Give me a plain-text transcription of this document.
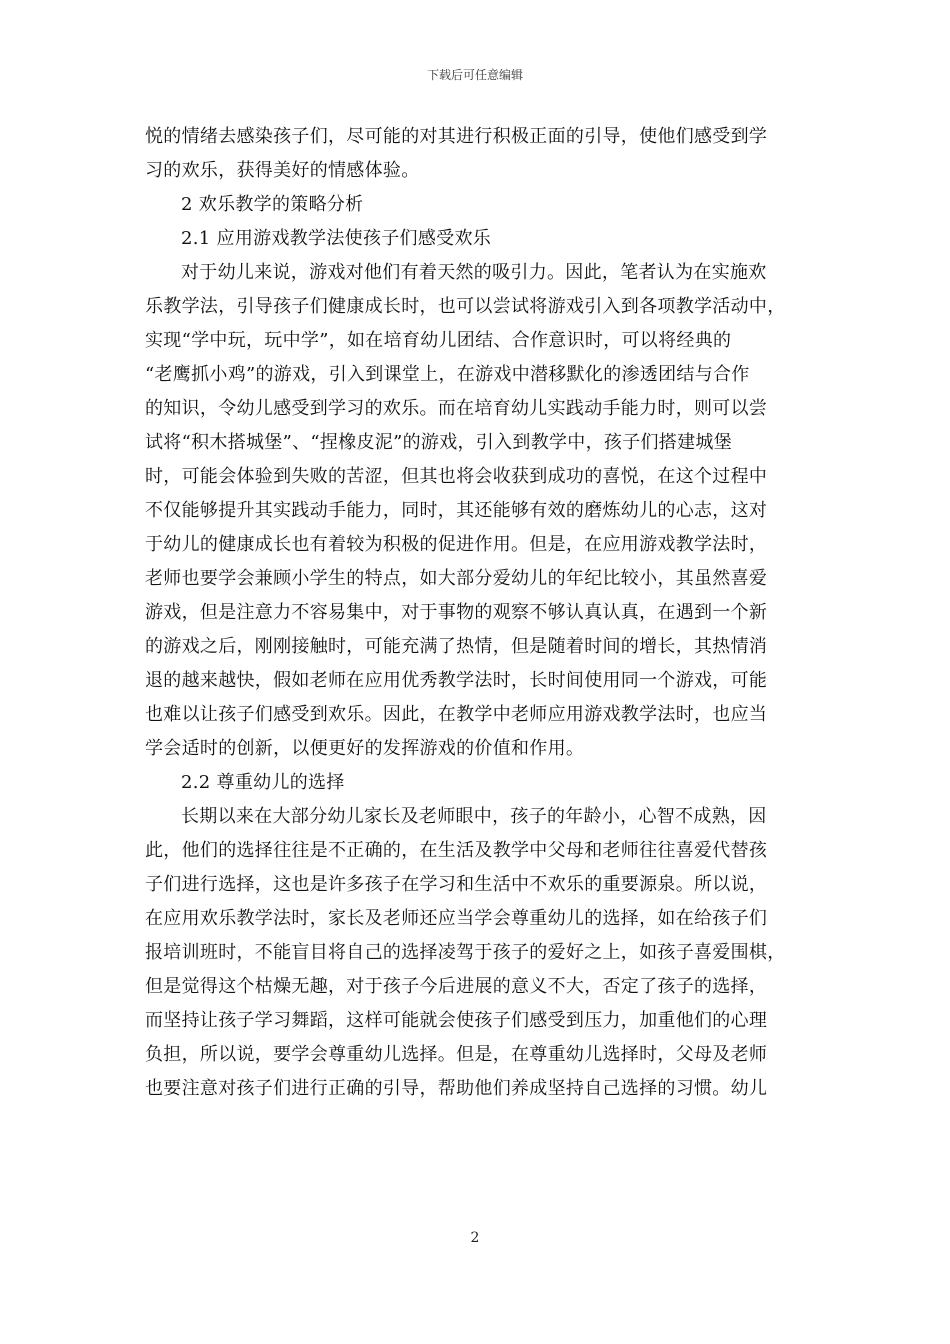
下载后可任意编辑
悦的情绪去感染孩子们，尽可能的对其进行积极正面的引导，使他们感受到学
习的欢乐，获得美好的情感体验。
2 欢乐教学的策略分析
2.1 应用游戏教学法使孩子们感受欢乐
对于幼儿来说，游戏对他们有着天然的吸引力。因此，笔者认为在实施欢
乐教学法，引导孩子们健康成长时，也可以尝试将游戏引入到各项教学活动中，
实现“学中玩，玩中学”，如在培育幼儿团结、合作意识时，可以将经典的
“老鹰抓小鸡”的游戏，引入到课堂上，在游戏中潜移默化的渗透团结与合作
的知识，令幼儿感受到学习的欢乐。而在培育幼儿实践动手能力时，则可以尝
试将“积木搭城堡”、“捏橡皮泥”的游戏，引入到教学中，孩子们搭建城堡
时，可能会体验到失败的苦涩，但其也将会收获到成功的喜悦，在这个过程中
不仅能够提升其实践动手能力，同时，其还能够有效的磨炼幼儿的心志，这对
于幼儿的健康成长也有着较为积极的促进作用。但是，在应用游戏教学法时，
老师也要学会兼顾小学生的特点，如大部分爱幼儿的年纪比较小，其虽然喜爱
游戏，但是注意力不容易集中，对于事物的观察不够认真认真，在遇到一个新
的游戏之后，刚刚接触时，可能充满了热情，但是随着时间的增长，其热情消
退的越来越快，假如老师在应用优秀教学法时，长时间使用同一个游戏，可能
也难以让孩子们感受到欢乐。因此，在教学中老师应用游戏教学法时，也应当
学会适时的创新，以便更好的发挥游戏的价值和作用。
2.2 尊重幼儿的选择
长期以来在大部分幼儿家长及老师眼中，孩子的年龄小，心智不成熟，因
此，他们的选择往往是不正确的，在生活及教学中父母和老师往往喜爱代替孩
子们进行选择，这也是许多孩子在学习和生活中不欢乐的重要源泉。所以说，
在应用欢乐教学法时，家长及老师还应当学会尊重幼儿的选择，如在给孩子们
报培训班时，不能盲目将自己的选择凌驾于孩子的爱好之上，如孩子喜爱围棋，
但是觉得这个枯燥无趣，对于孩子今后进展的意义不大，否定了孩子的选择，
而坚持让孩子学习舞蹈，这样可能就会使孩子们感受到压力，加重他们的心理
负担，所以说，要学会尊重幼儿选择。但是，在尊重幼儿选择时，父母及老师
也要注意对孩子们进行正确的引导，帮助他们养成坚持自己选择的习惯。幼儿
2
